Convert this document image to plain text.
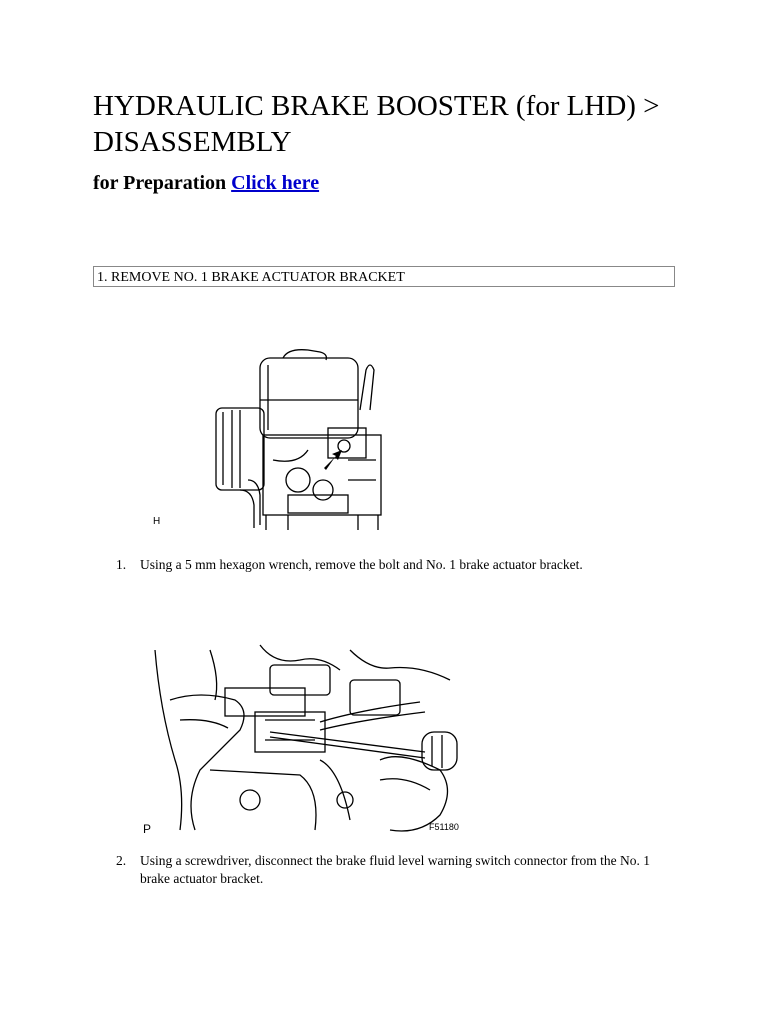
HYDRAULIC BRAKE BOOSTER (for LHD) > DISASSEMBLY

for Preparation Click here

1. REMOVE NO. 1 BRAKE ACTUATOR BRACKET
H

1. Using a 5 mm hexagon wrench, remove the bolt and No. 1 brake actuator bracket.

P	F51180

2. Using a screwdriver, disconnect the brake fluid level warning switch connector from the No. 1 brake actuator bracket.
